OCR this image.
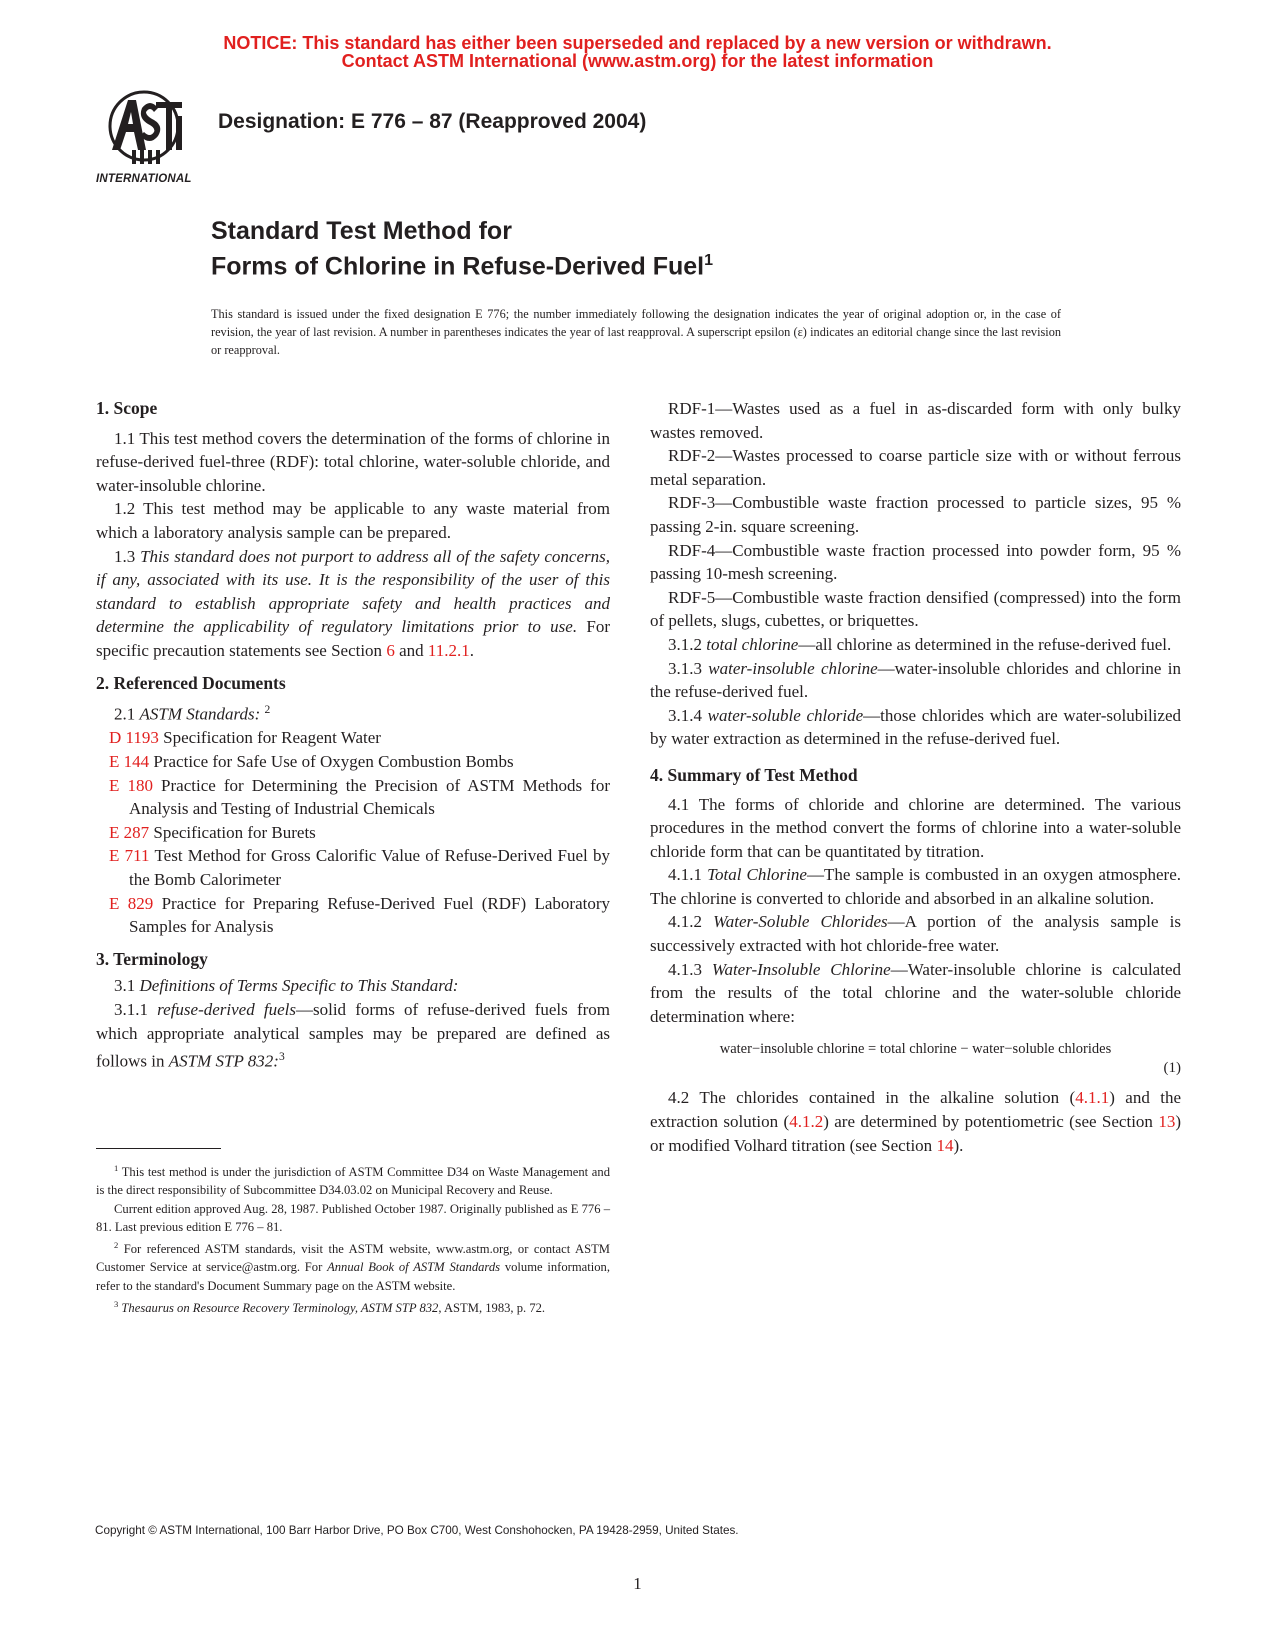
NOTICE: This standard has either been superseded and replaced by a new version or withdrawn.
Contact ASTM International (www.astm.org) for the latest information
INTERNATIONAL
Designation: E 776 – 87 (Reapproved 2004)
Standard Test Method for
Forms of Chlorine in Refuse-Derived Fuel$^1$
This standard is issued under the fixed designation E 776; the number immediately following the designation indicates the year of original adoption or, in the case of revision, the year of last revision. A number in parentheses indicates the year of last reapproval. A superscript epsilon (ε) indicates an editorial change since the last revision or reapproval.
1. Scope

1.1 This test method covers the determination of the forms of chlorine in refuse-derived fuel-three (RDF): total chlorine, water-soluble chloride, and water-insoluble chlorine.

1.2 This test method may be applicable to any waste material from which a laboratory analysis sample can be prepared.

1.3 This standard does not purport to address all of the safety concerns, if any, associated with its use. It is the responsibility of the user of this standard to establish appropriate safety and health practices and determine the applicability of regulatory limitations prior to use. For specific precaution statements see Section 6 and 11.2.1.

2. Referenced Documents

2.1 ASTM Standards: $^2$

D 1193 Specification for Reagent Water
E 144 Practice for Safe Use of Oxygen Combustion Bombs
E 180 Practice for Determining the Precision of ASTM Methods for Analysis and Testing of Industrial Chemicals
E 287 Specification for Burets
E 711 Test Method for Gross Calorific Value of Refuse-Derived Fuel by the Bomb Calorimeter
E 829 Practice for Preparing Refuse-Derived Fuel (RDF) Laboratory Samples for Analysis
3. Terminology

3.1 Definitions of Terms Specific to This Standard:

3.1.1 refuse-derived fuels—solid forms of refuse-derived fuels from which appropriate analytical samples may be prepared are defined as follows in ASTM STP 832:$^3$

$^1$ This test method is under the jurisdiction of ASTM Committee D34 on Waste Management and is the direct responsibility of Subcommittee D34.03.02 on Municipal Recovery and Reuse.

Current edition approved Aug. 28, 1987. Published October 1987. Originally published as E 776 – 81. Last previous edition E 776 – 81.

$^2$ For referenced ASTM standards, visit the ASTM website, www.astm.org, or contact ASTM Customer Service at service@astm.org. For Annual Book of ASTM Standards volume information, refer to the standard's Document Summary page on the ASTM website.

$^3$ Thesaurus on Resource Recovery Terminology, ASTM STP 832, ASTM, 1983, p. 72.

RDF-1—Wastes used as a fuel in as-discarded form with only bulky wastes removed.

RDF-2—Wastes processed to coarse particle size with or without ferrous metal separation.

RDF-3—Combustible waste fraction processed to particle sizes, 95 % passing 2-in. square screening.

RDF-4—Combustible waste fraction processed into powder form, 95 % passing 10-mesh screening.

RDF-5—Combustible waste fraction densified (compressed) into the form of pellets, slugs, cubettes, or briquettes.

3.1.2 total chlorine—all chlorine as determined in the refuse-derived fuel.

3.1.3 water-insoluble chlorine—water-insoluble chlorides and chlorine in the refuse-derived fuel.

3.1.4 water-soluble chloride—those chlorides which are water-solubilized by water extraction as determined in the refuse-derived fuel.

4. Summary of Test Method

4.1 The forms of chloride and chlorine are determined. The various procedures in the method convert the forms of chlorine into a water-soluble chloride form that can be quantitated by titration.

4.1.1 Total Chlorine—The sample is combusted in an oxygen atmosphere. The chlorine is converted to chloride and absorbed in an alkaline solution.

4.1.2 Water-Soluble Chlorides—A portion of the analysis sample is successively extracted with hot chloride-free water.

4.1.3 Water-Insoluble Chlorine—Water-insoluble chlorine is calculated from the results of the total chlorine and the water-soluble chloride determination where:

water−insoluble chlorine = total chlorine − water−soluble chlorides
(1)

4.2 The chlorides contained in the alkaline solution (4.1.1) and the extraction solution (4.1.2) are determined by potentiometric (see Section 13) or modified Volhard titration (see Section 14).

Copyright © ASTM International, 100 Barr Harbor Drive, PO Box C700, West Conshohocken, PA 19428-2959, United States.
1
